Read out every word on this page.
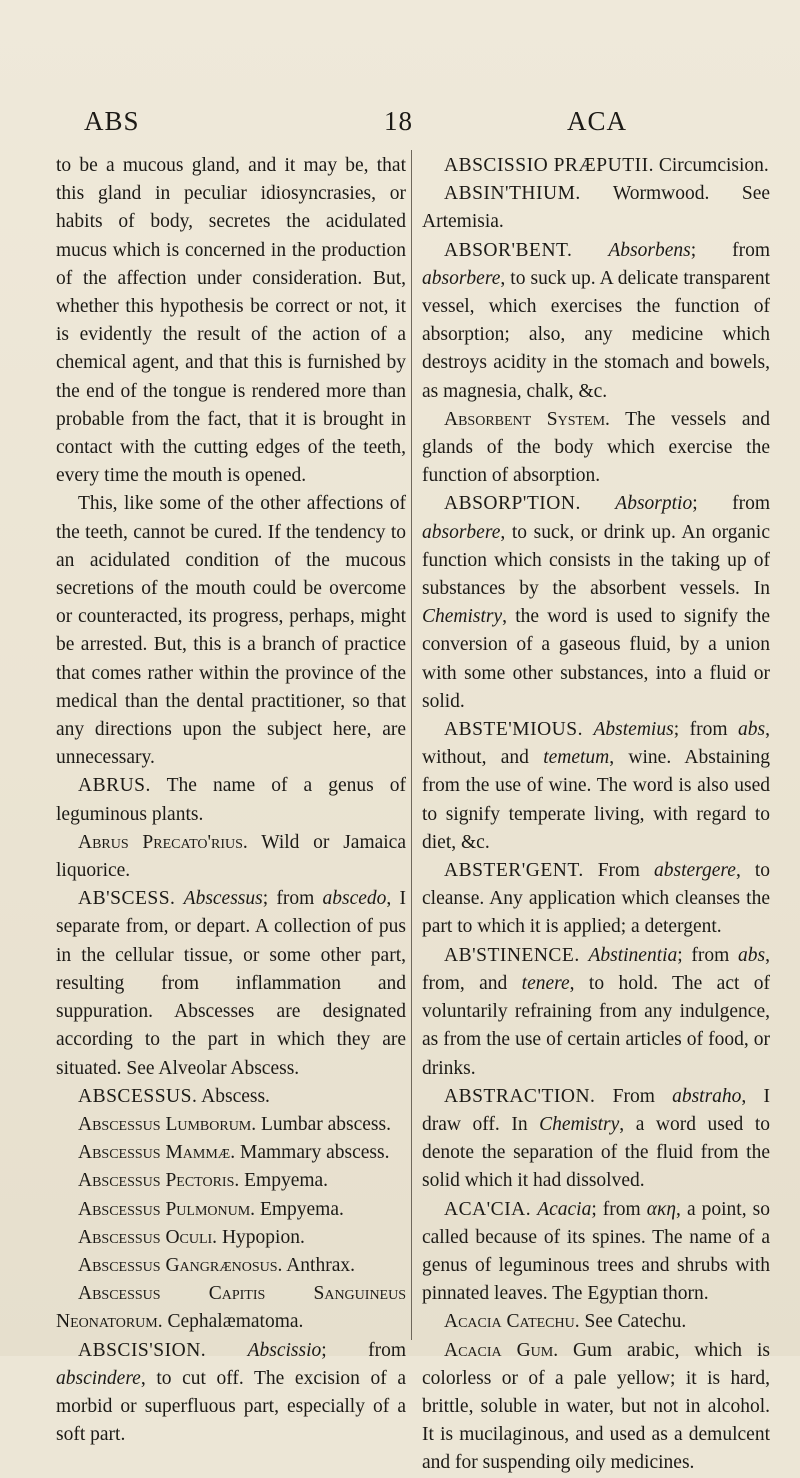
ABS	18	ACA

to be a mucous gland, and it may be, that this gland in peculiar idiosyncrasies, or habits of body, secretes the acidulated mucus which is concerned in the production of the affection under consideration. But, whether this hypothesis be correct or not, it is evidently the result of the action of a chemical agent, and that this is furnished by the end of the tongue is rendered more than probable from the fact, that it is brought in contact with the cutting edges of the teeth, every time the mouth is opened.

This, like some of the other affections of the teeth, cannot be cured. If the tendency to an acidulated condition of the mucous secretions of the mouth could be overcome or counteracted, its progress, perhaps, might be arrested. But, this is a branch of practice that comes rather within the province of the medical than the dental practitioner, so that any directions upon the subject here, are unnecessary.

ABRUS. The name of a genus of leguminous plants.

Abrus Precato'rius. Wild or Jamaica liquorice.

AB'SCESS. Abscessus; from abscedo, I separate from, or depart. A collection of pus in the cellular tissue, or some other part, resulting from inflammation and suppuration. Abscesses are designated according to the part in which they are situated. See Alveolar Abscess.

ABSCESSUS. Abscess.

Abscessus Lumborum. Lumbar abscess.

Abscessus Mammæ. Mammary abscess.

Abscessus Pectoris. Empyema.

Abscessus Pulmonum. Empyema.

Abscessus Oculi. Hypopion.

Abscessus Gangrænosus. Anthrax.

Abscessus Capitis Sanguineus Neonatorum. Cephalæmatoma.

ABSCIS'SION. Abscissio; from abscindere, to cut off. The excision of a morbid or superfluous part, especially of a soft part.

ABSCISSIO PRÆPUTII. Circumcision.

ABSIN'THIUM. Wormwood. See Artemisia.

ABSOR'BENT. Absorbens; from absorbere, to suck up. A delicate transparent vessel, which exercises the function of absorption; also, any medicine which destroys acidity in the stomach and bowels, as magnesia, chalk, &c.

Absorbent System. The vessels and glands of the body which exercise the function of absorption.

ABSORP'TION. Absorptio; from absorbere, to suck, or drink up. An organic function which consists in the taking up of substances by the absorbent vessels. In Chemistry, the word is used to signify the conversion of a gaseous fluid, by a union with some other substances, into a fluid or solid.

ABSTE'MIOUS. Abstemius; from abs, without, and temetum, wine. Abstaining from the use of wine. The word is also used to signify temperate living, with regard to diet, &c.

ABSTER'GENT. From abstergere, to cleanse. Any application which cleanses the part to which it is applied; a detergent.

AB'STINENCE. Abstinentia; from abs, from, and tenere, to hold. The act of voluntarily refraining from any indulgence, as from the use of certain articles of food, or drinks.

ABSTRAC'TION. From abstraho, I draw off. In Chemistry, a word used to denote the separation of the fluid from the solid which it had dissolved.

ACA'CIA. Acacia; from ακη, a point, so called because of its spines. The name of a genus of leguminous trees and shrubs with pinnated leaves. The Egyptian thorn.

Acacia Catechu. See Catechu.

Acacia Gum. Gum arabic, which is colorless or of a pale yellow; it is hard, brittle, soluble in water, but not in alcohol. It is mucilaginous, and used as a demulcent and for suspending oily medicines.
